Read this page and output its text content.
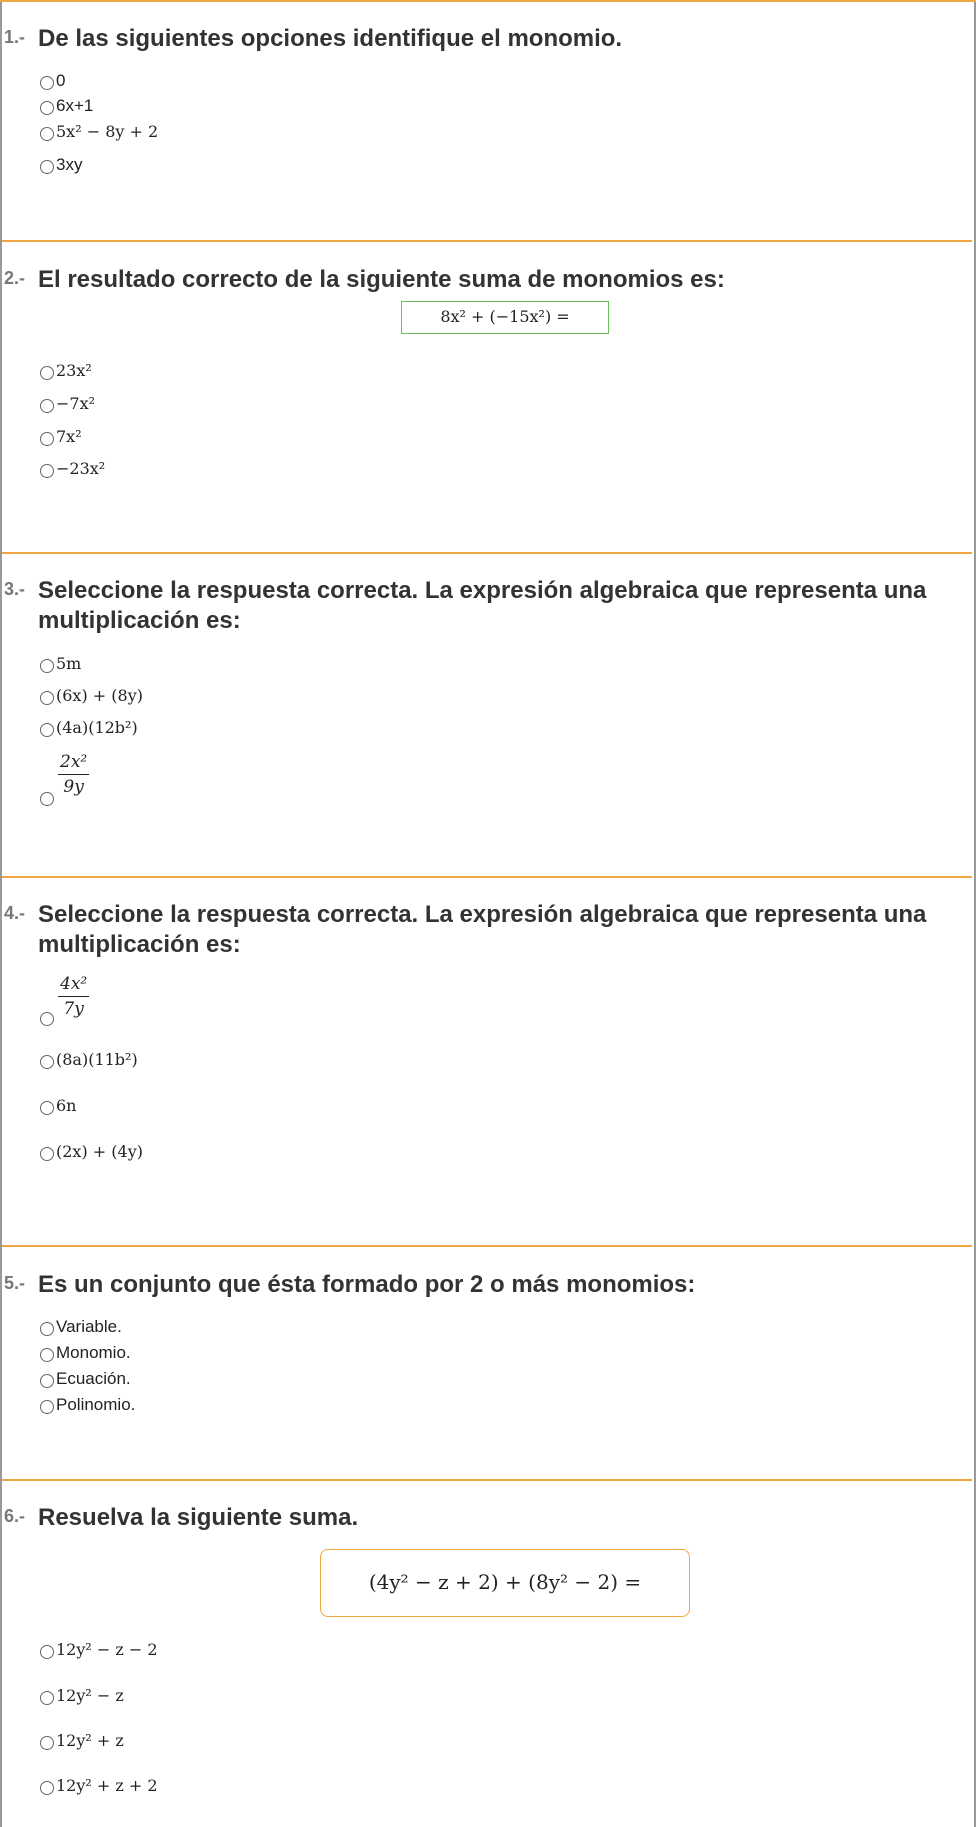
1.- De las siguientes opciones identifique el monomio.
0
6x+1
5x² − 8y + 2
3xy
2.- El resultado correcto de la siguiente suma de monomios es:
8x² + (−15x²) =
23x²
−7x²
7x²
−23x²
3.- Seleccione la respuesta correcta. La expresión algebraica que representa una multiplicación es:
5m
(6x) + (8y)
(4a)(12b²)
$\frac{\text{2x²}}{9y}$
4.- Seleccione la respuesta correcta. La expresión algebraica que representa una multiplicación es:
$\frac{\text{4x²}}{7y}$
(8a)(11b²)
6n
(2x) + (4y)
5.- Es un conjunto que ésta formado por 2 o más monomios:
Variable.
Monomio.
Ecuación.
Polinomio.
6.- Resuelva la siguiente suma.
(4y² − z + 2) + (8y² − 2) =
12y² − z − 2
12y² − z
12y² + z
12y² + z + 2
